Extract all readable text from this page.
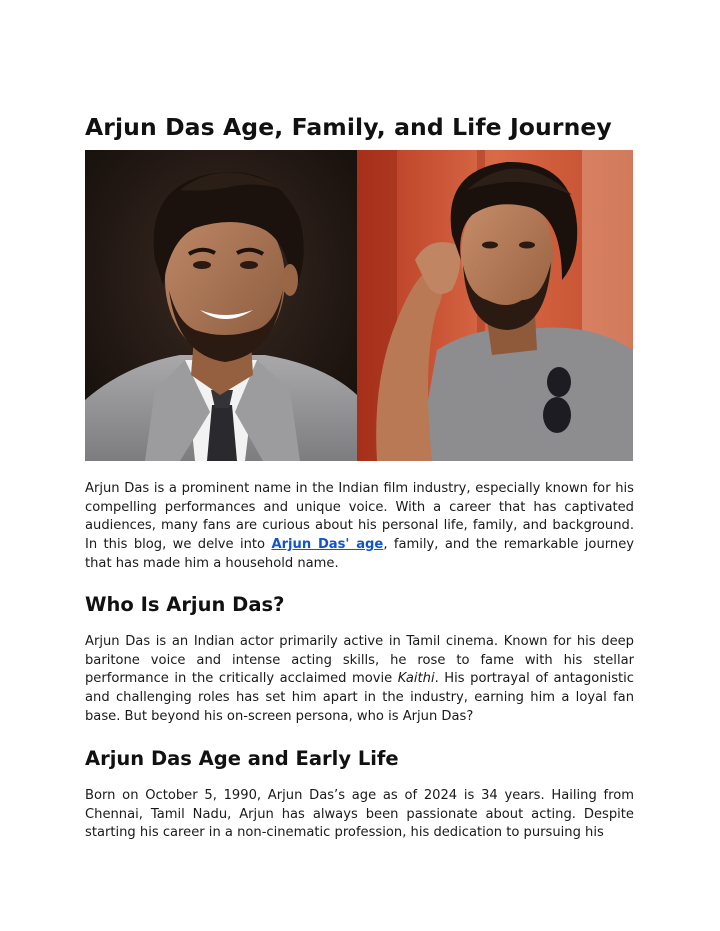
Arjun Das Age, Family, and Life Journey

Arjun Das is a prominent name in the Indian film industry, especially known for his compelling performances and unique voice. With a career that has captivated audiences, many fans are curious about his personal life, family, and background. In this blog, we delve into Arjun Das' age, family, and the remarkable journey that has made him a household name.

Who Is Arjun Das?

Arjun Das is an Indian actor primarily active in Tamil cinema. Known for his deep baritone voice and intense acting skills, he rose to fame with his stellar performance in the critically acclaimed movie Kaithi. His portrayal of antagonistic and challenging roles has set him apart in the industry, earning him a loyal fan base. But beyond his on-screen persona, who is Arjun Das?

Arjun Das Age and Early Life

Born on October 5, 1990, Arjun Das’s age as of 2024 is 34 years. Hailing from Chennai, Tamil Nadu, Arjun has always been passionate about acting. Despite starting his career in a non-cinematic profession, his dedication to pursuing his
